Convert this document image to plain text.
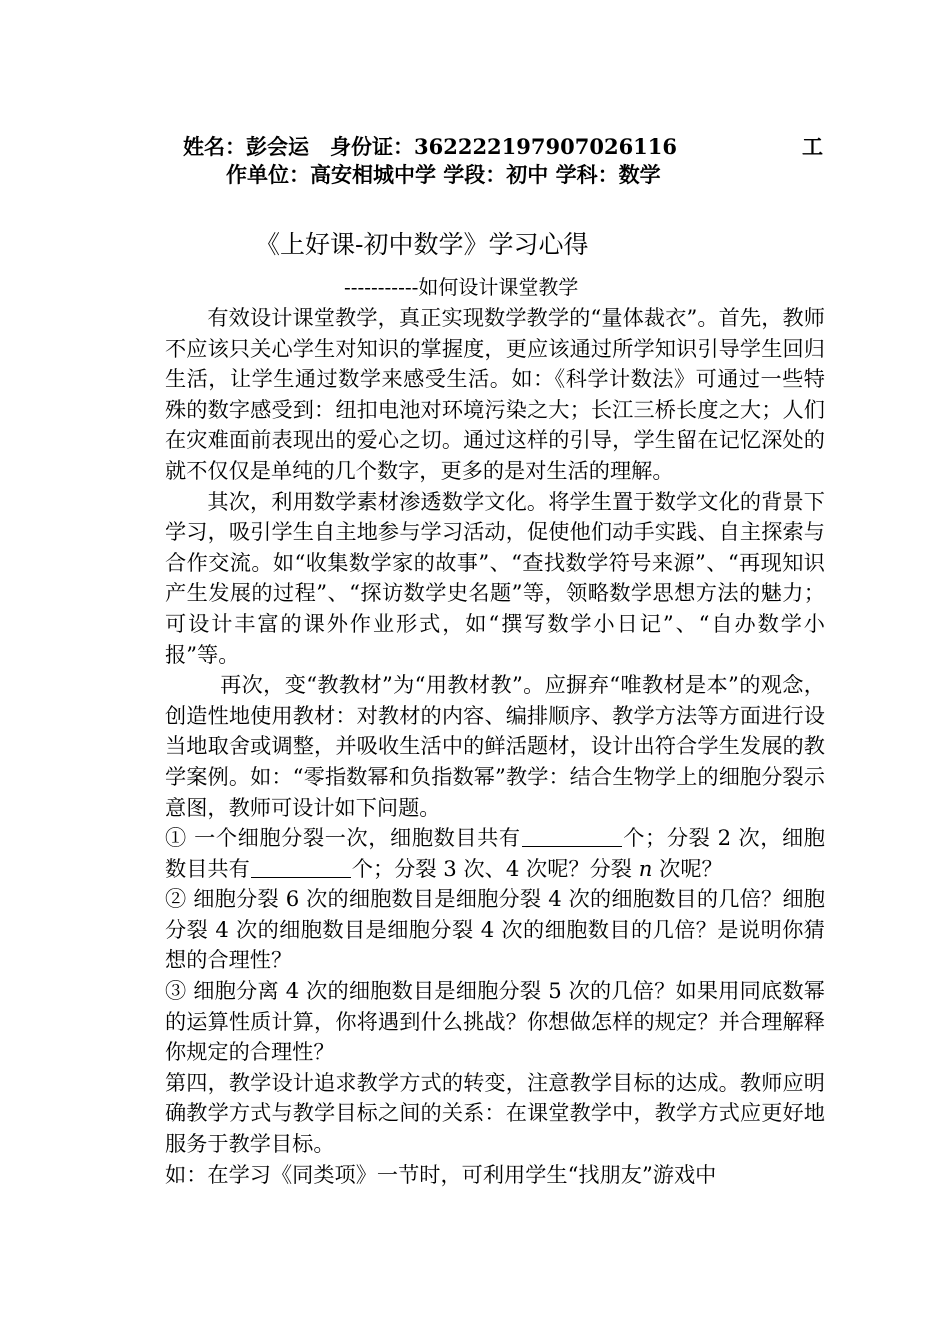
姓名：彭会运　身份证：362222197907026116	工
作单位：高安相城中学 学段：初中 学科：数学
《上好课-初中数学》学习心得
-----------如何设计课堂教学

有效设计课堂教学，真正实现数学教学的“量体裁衣”。首先，教师不应该只关心学生对知识的掌握度，更应该通过所学知识引导学生回归生活，让学生通过数学来感受生活。如：《科学计数法》可通过一些特殊的数字感受到：纽扣电池对环境污染之大；长江三桥长度之大；人们在灾难面前表现出的爱心之切。通过这样的引导，学生留在记忆深处的就不仅仅是单纯的几个数字，更多的是对生活的理解。

其次，利用数学素材渗透数学文化。将学生置于数学文化的背景下学习，吸引学生自主地参与学习活动，促使他们动手实践、自主探索与合作交流。如“收集数学家的故事”、“查找数学符号来源”、“再现知识产生发展的过程”、“探访数学史名题”等，领略数学思想方法的魅力；可设计丰富的课外作业形式，如“撰写数学小日记”、“自办数学小报”等。

再次，变“教教材”为“用教材教”。应摒弃“唯教材是本”的观念，创造性地使用教材：对教材的内容、编排顺序、教学方法等方面进行设当地取舍或调整，并吸收生活中的鲜活题材，设计出符合学生发展的教学案例。如：“零指数幂和负指数幂”教学：结合生物学上的细胞分裂示意图，教师可设计如下问题。

① 一个细胞分裂一次，细胞数目共有	个；分裂 2 次，细胞数目共有	个；分裂 3 次、4 次呢？分裂 n 次呢？

② 细胞分裂 6 次的细胞数目是细胞分裂 4 次的细胞数目的几倍？细胞分裂 4 次的细胞数目是细胞分裂 4 次的细胞数目的几倍？是说明你猜想的合理性？

③ 细胞分离 4 次的细胞数目是细胞分裂 5 次的几倍？如果用同底数幂的运算性质计算，你将遇到什么挑战？你想做怎样的规定？并合理解释你规定的合理性？

第四，教学设计追求教学方式的转变，注意教学目标的达成。教师应明确教学方式与教学目标之间的关系：在课堂教学中，教学方式应更好地服务于教学目标。

如：在学习《同类项》一节时，可利用学生“找朋友”游戏中
